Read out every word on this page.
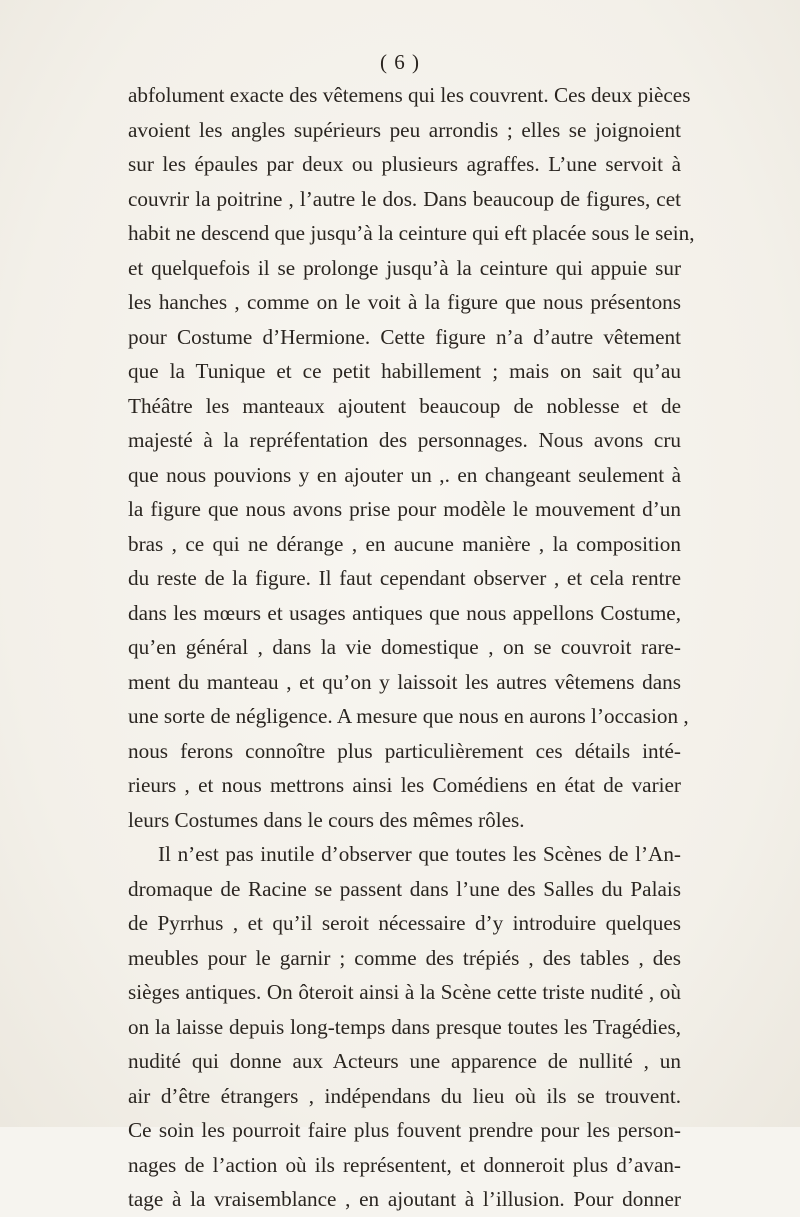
( 6 )
abfolument exacte des vêtemens qui les couvrent. Ces deux pièces
avoient les angles supérieurs peu arrondis ; elles se joignoient
sur les épaules par deux ou plusieurs agraffes. L’une servoit à
couvrir la poitrine , l’autre le dos. Dans beaucoup de figures, cet
habit ne descend que jusqu’à la ceinture qui eft placée sous le sein,
et quelquefois il se prolonge jusqu’à la ceinture qui appuie sur
les hanches , comme on le voit à la figure que nous présentons
pour Costume d’Hermione. Cette figure n’a d’autre vêtement
que la Tunique et ce petit habillement ; mais on sait qu’au
Théâtre les manteaux ajoutent beaucoup de noblesse et de
majesté à la repréfentation des personnages. Nous avons cru
que nous pouvions y en ajouter un ,. en changeant seulement à
la figure que nous avons prise pour modèle le mouvement d’un
bras , ce qui ne dérange , en aucune manière , la composition
du reste de la figure. Il faut cependant observer , et cela rentre
dans les mœurs et usages antiques que nous appellons Costume,
qu’en général , dans la vie domestique , on se couvroit rare-
ment du manteau , et qu’on y laissoit les autres vêtemens dans
une sorte de négligence. A mesure que nous en aurons l’occasion ,
nous ferons connoître plus particulièrement ces détails inté-
rieurs , et nous mettrons ainsi les Comédiens en état de varier
leurs Costumes dans le cours des mêmes rôles.
Il n’est pas inutile d’observer que toutes les Scènes de l’An-
dromaque de Racine se passent dans l’une des Salles du Palais
de Pyrrhus , et qu’il seroit nécessaire d’y introduire quelques
meubles pour le garnir ; comme des trépiés , des tables , des
sièges antiques. On ôteroit ainsi à la Scène cette triste nudité , où
on la laisse depuis long-temps dans presque toutes les Tragédies,
nudité qui donne aux Acteurs une apparence de nullité , un
air d’être étrangers , indépendans du lieu où ils se trouvent.
Ce soin les pourroit faire plus fouvent prendre pour les person-
nages de l’action où ils représentent, et donneroit plus d’avan-
tage à la vraisemblance , en ajoutant à l’illusion. Pour donner
